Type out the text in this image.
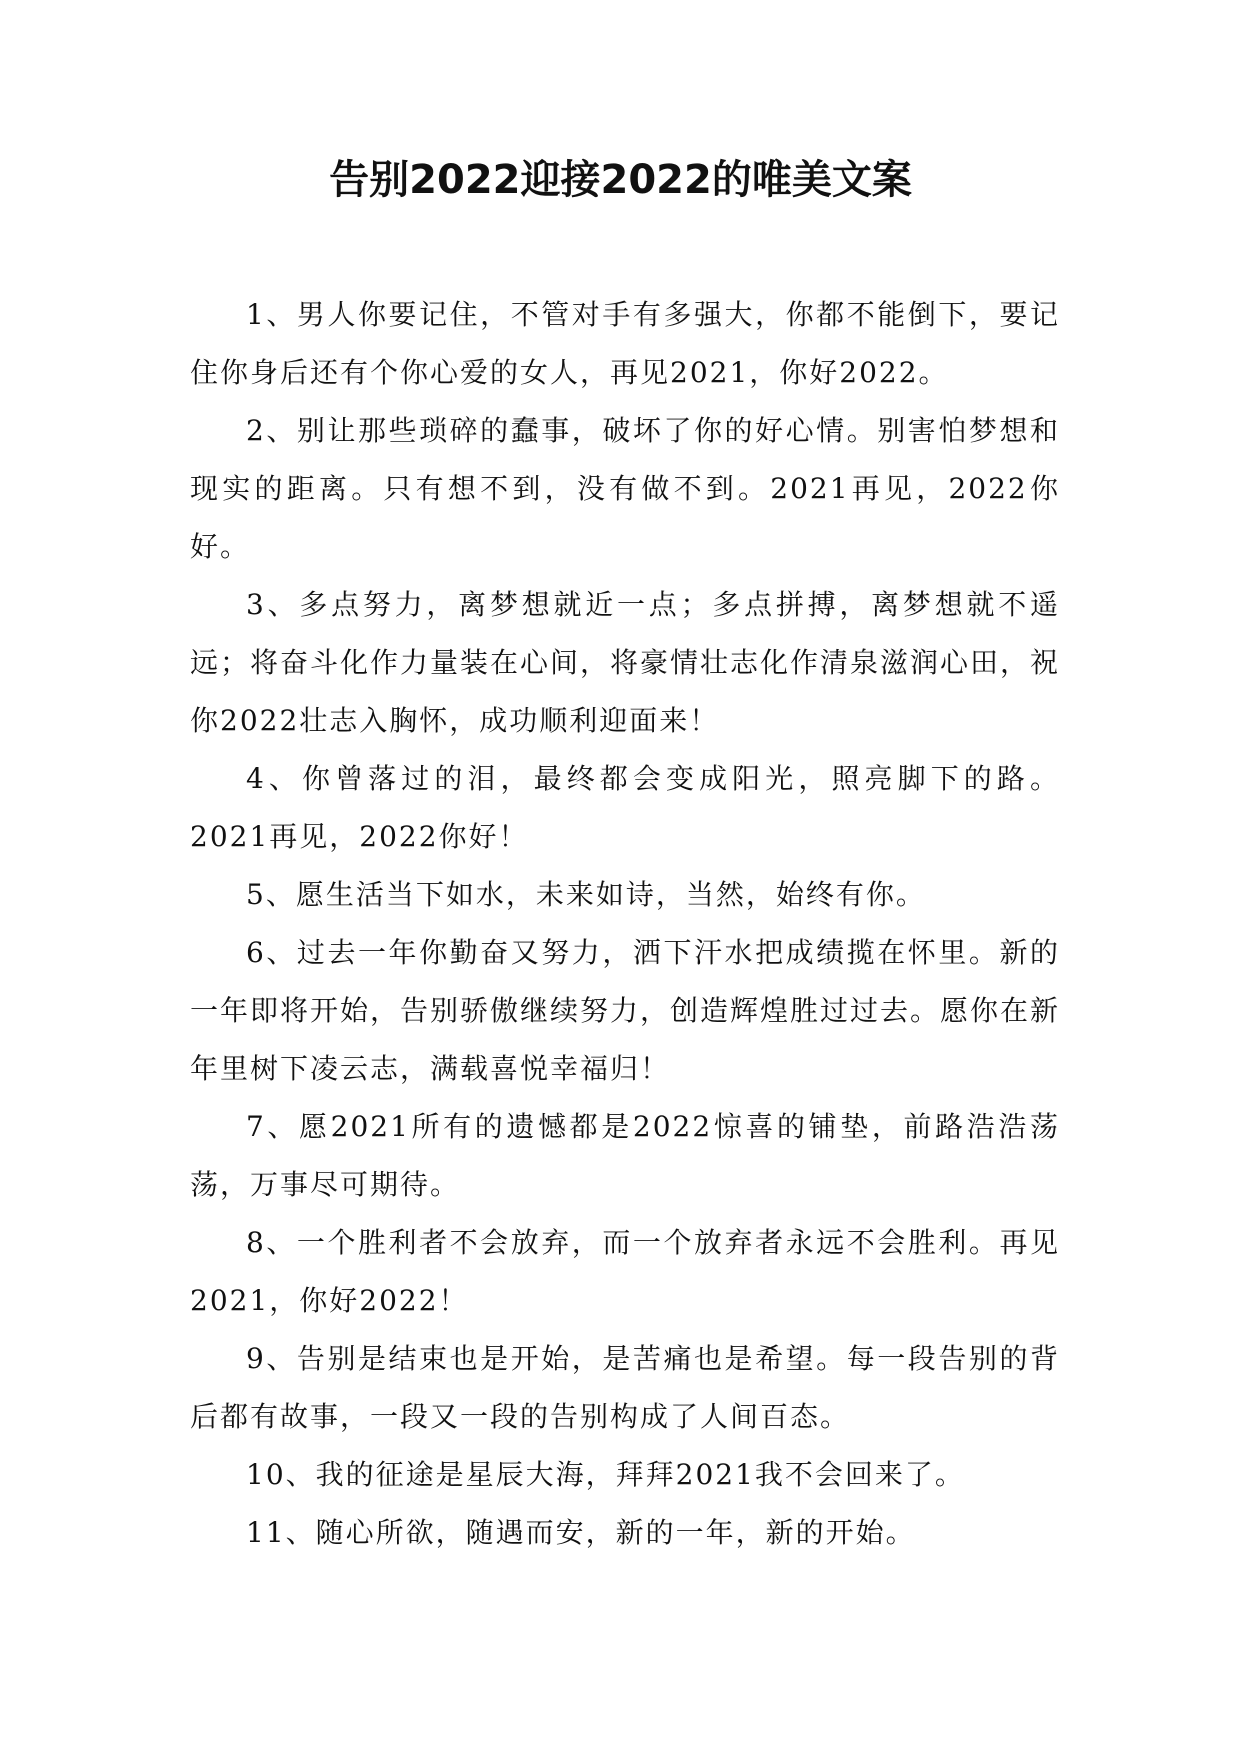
告别2022迎接2022的唯美文案

1、男人你要记住，不管对手有多强大，你都不能倒下，要记住你身后还有个你心爱的女人，再见2021，你好2022。

2、别让那些琐碎的蠢事，破坏了你的好心情。别害怕梦想和现实的距离。只有想不到，没有做不到。2021再见，2022你好。

3、多点努力，离梦想就近一点；多点拼搏，离梦想就不遥远；将奋斗化作力量装在心间，将豪情壮志化作清泉滋润心田，祝你2022壮志入胸怀，成功顺利迎面来！

4、你曾落过的泪，最终都会变成阳光，照亮脚下的路。2021再见，2022你好！

5、愿生活当下如水，未来如诗，当然，始终有你。

6、过去一年你勤奋又努力，洒下汗水把成绩揽在怀里。新的一年即将开始，告别骄傲继续努力，创造辉煌胜过过去。愿你在新年里树下凌云志，满载喜悦幸福归！

7、愿2021所有的遗憾都是2022惊喜的铺垫，前路浩浩荡荡，万事尽可期待。

8、一个胜利者不会放弃，而一个放弃者永远不会胜利。再见2021，你好2022！

9、告别是结束也是开始，是苦痛也是希望。每一段告别的背后都有故事，一段又一段的告别构成了人间百态。

10、我的征途是星辰大海，拜拜2021我不会回来了。

11、随心所欲，随遇而安，新的一年，新的开始。
